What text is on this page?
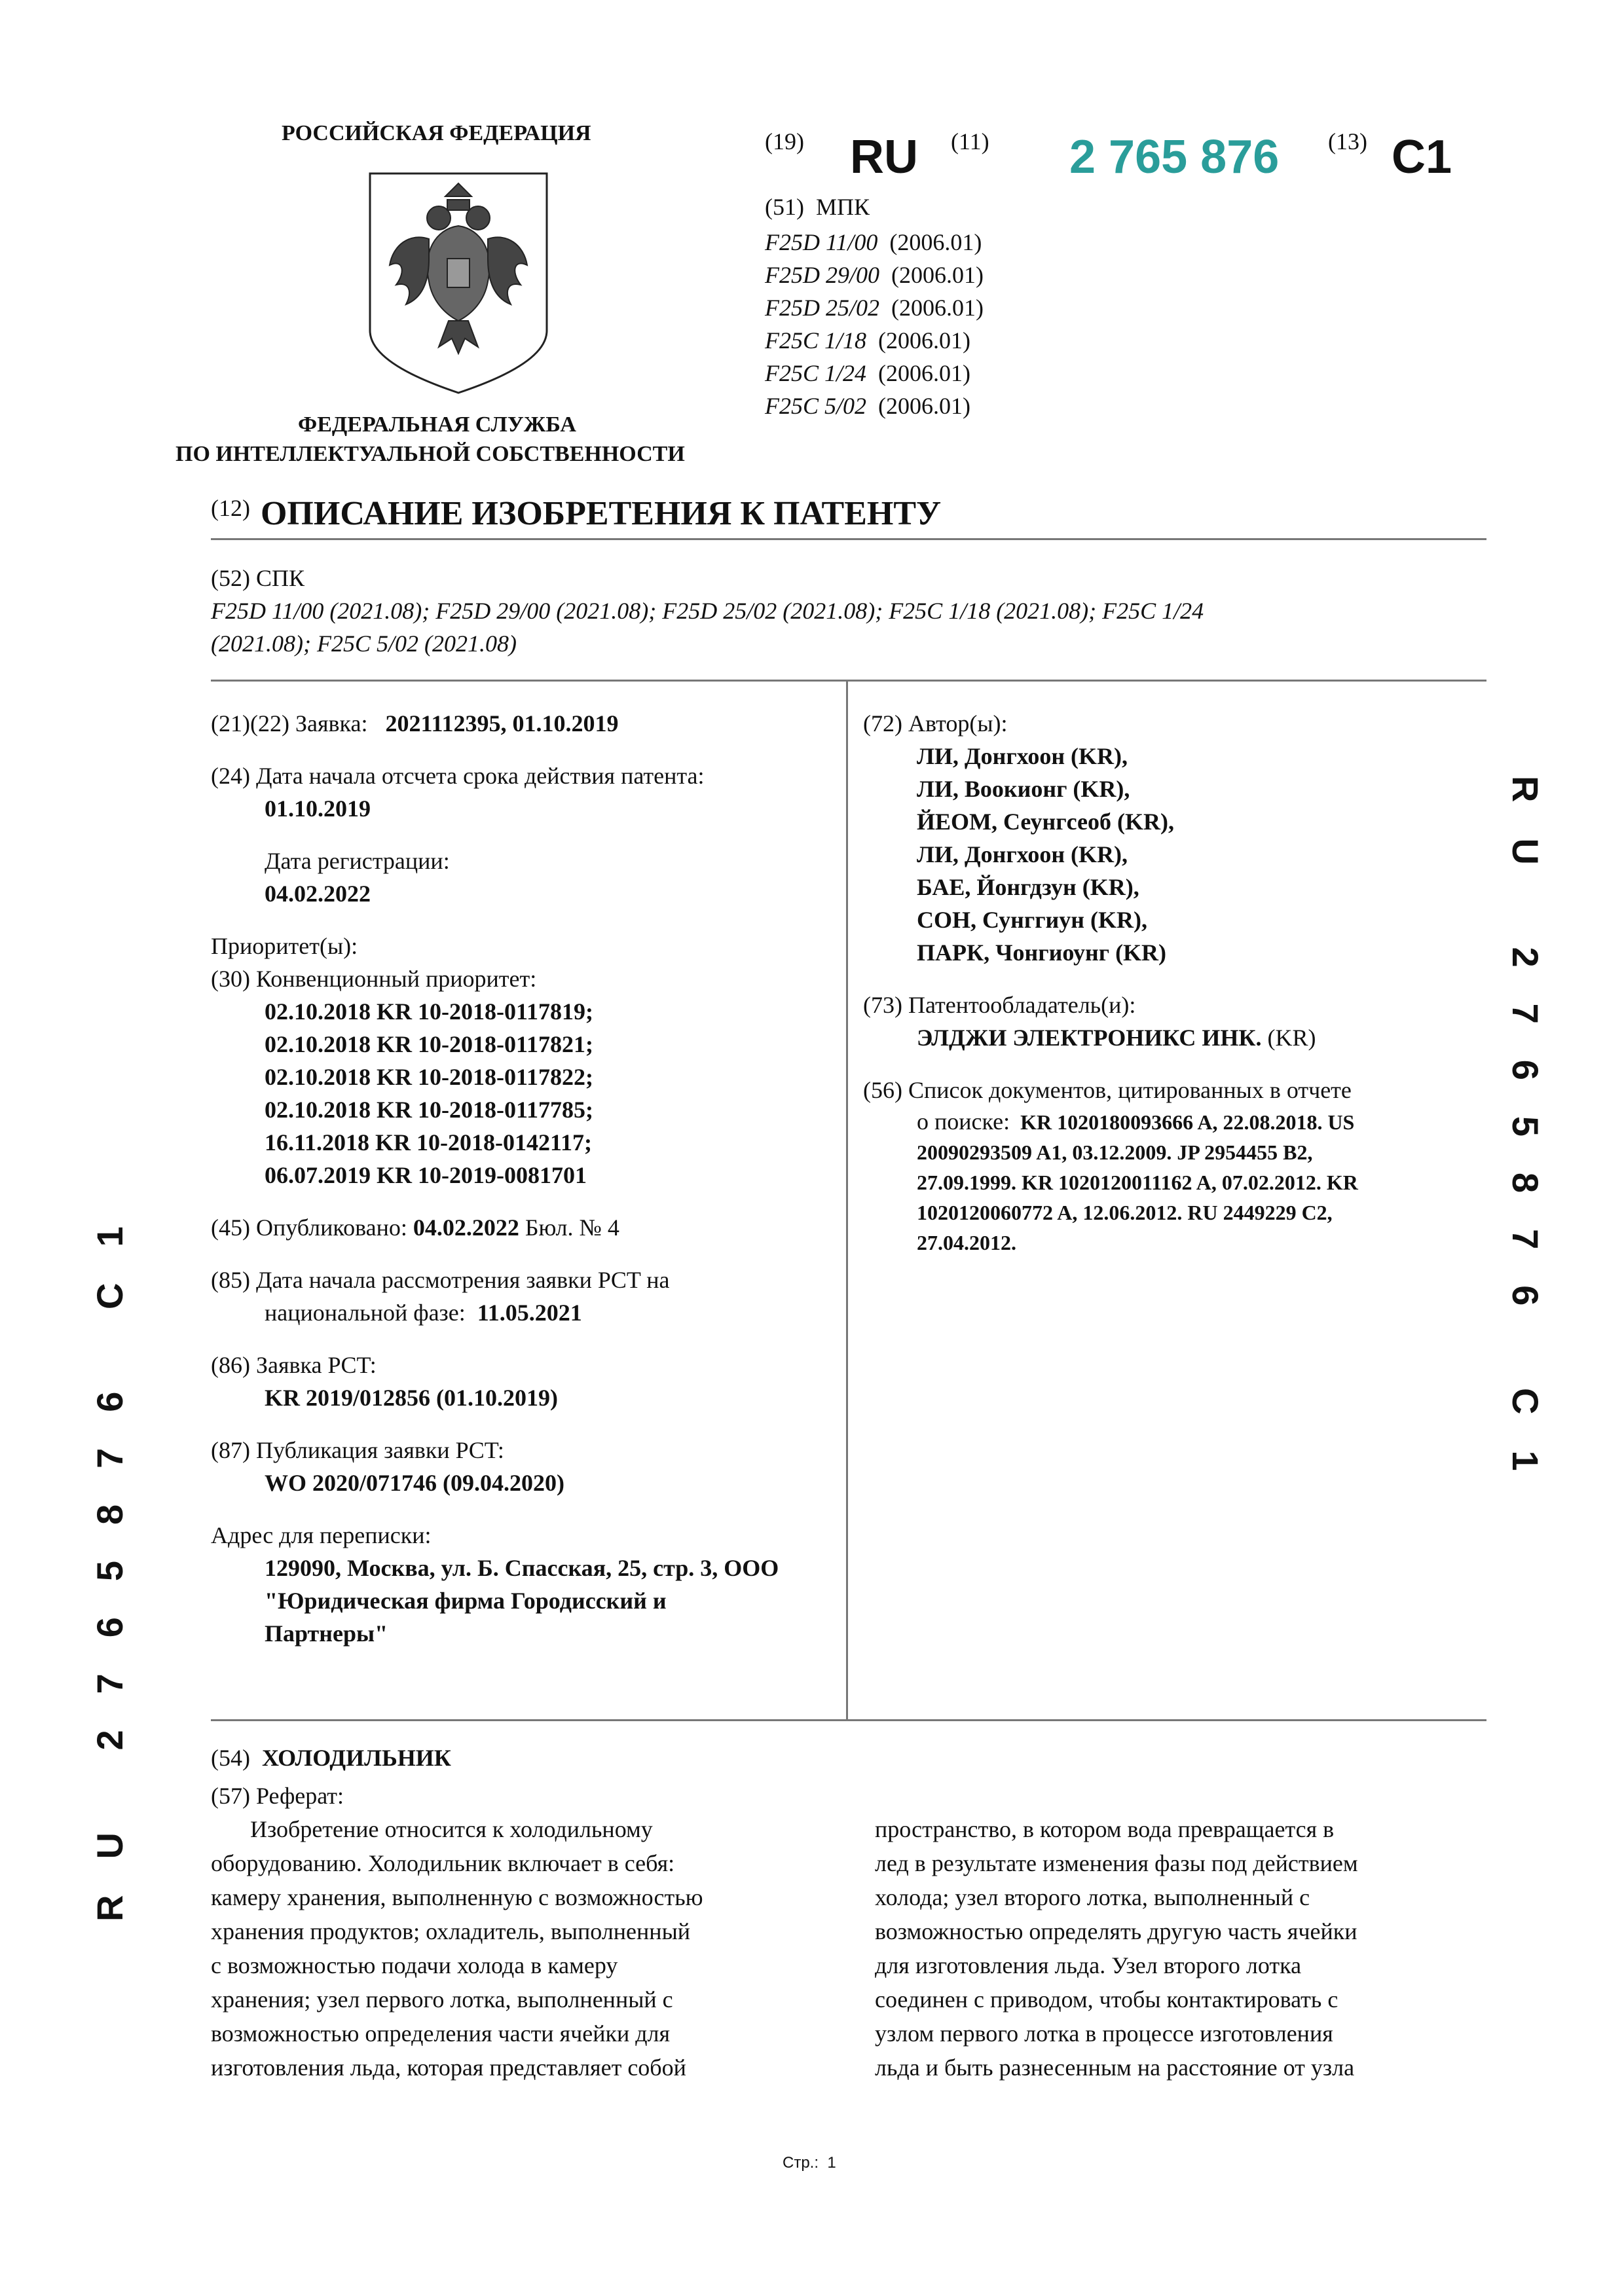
РОССИЙСКАЯ ФЕДЕРАЦИЯ
ФЕДЕРАЛЬНАЯ СЛУЖБА
ПО ИНТЕЛЛЕКТУАЛЬНОЙ СОБСТВЕННОСТИ
(19) RU (11) 2 765 876 (13) C1
(51) МПК
F25D 11/00 (2006.01)
F25D 29/00 (2006.01)
F25D 25/02 (2006.01)
F25C 1/18 (2006.01)
F25C 1/24 (2006.01)
F25C 5/02 (2006.01)
(12) ОПИСАНИЕ ИЗОБРЕТЕНИЯ К ПАТЕНТУ
(52) СПК
F25D 11/00 (2021.08); F25D 29/00 (2021.08); F25D 25/02 (2021.08); F25C 1/18 (2021.08); F25C 1/24
(2021.08); F25C 5/02 (2021.08)
(21)(22) Заявка: 2021112395, 01.10.2019
(24) Дата начала отсчета срока действия патента:
01.10.2019
Дата регистрации:
04.02.2022
Приоритет(ы):
(30) Конвенционный приоритет:
02.10.2018 KR 10-2018-0117819;
02.10.2018 KR 10-2018-0117821;
02.10.2018 KR 10-2018-0117822;
02.10.2018 KR 10-2018-0117785;
16.11.2018 KR 10-2018-0142117;
06.07.2019 KR 10-2019-0081701
(45) Опубликовано: 04.02.2022 Бюл. № 4
(85) Дата начала рассмотрения заявки PCT на
национальной фазе: 11.05.2021
(86) Заявка PCT:
KR 2019/012856 (01.10.2019)
(87) Публикация заявки PCT:
WO 2020/071746 (09.04.2020)
Адрес для переписки:
129090, Москва, ул. Б. Спасская, 25, стр. 3, ООО
"Юридическая фирма Городисский и
Партнеры"
(72) Автор(ы):
ЛИ, Донгхоон (KR),
ЛИ, Воокионг (KR),
ЙЕОМ, Сеунгсеоб (KR),
ЛИ, Донгхоон (KR),
БАЕ, Йонгдзун (KR),
СОН, Сунггиун (KR),
ПАРК, Чонгиоунг (KR)
(73) Патентообладатель(и):
ЭЛДЖИ ЭЛЕКТРОНИКС ИНК. (KR)
(56) Список документов, цитированных в отчете
о поиске: KR 1020180093666 A, 22.08.2018. US
20090293509 A1, 03.12.2009. JP 2954455 B2,
27.09.1999. KR 1020120011162 A, 07.02.2012. KR
1020120060772 A, 12.06.2012. RU 2449229 C2,
27.04.2012.
(54) ХОЛОДИЛЬНИК
(57) Реферат:
Изобретение относится к холодильному
оборудованию. Холодильник включает в себя:
камеру хранения, выполненную с возможностью
хранения продуктов; охладитель, выполненный
с возможностью подачи холода в камеру
хранения; узел первого лотка, выполненный с
возможностью определения части ячейки для
изготовления льда, которая представляет собой
пространство, в котором вода превращается в
лед в результате изменения фазы под действием
холода; узел второго лотка, выполненный с
возможностью определять другую часть ячейки
для изготовления льда. Узел второго лотка
соединен с приводом, чтобы контактировать с
узлом первого лотка в процессе изготовления
льда и быть разнесенным на расстояние от узла
RU 2765876 C1
RU 2765876 C1
Стр.: 1
